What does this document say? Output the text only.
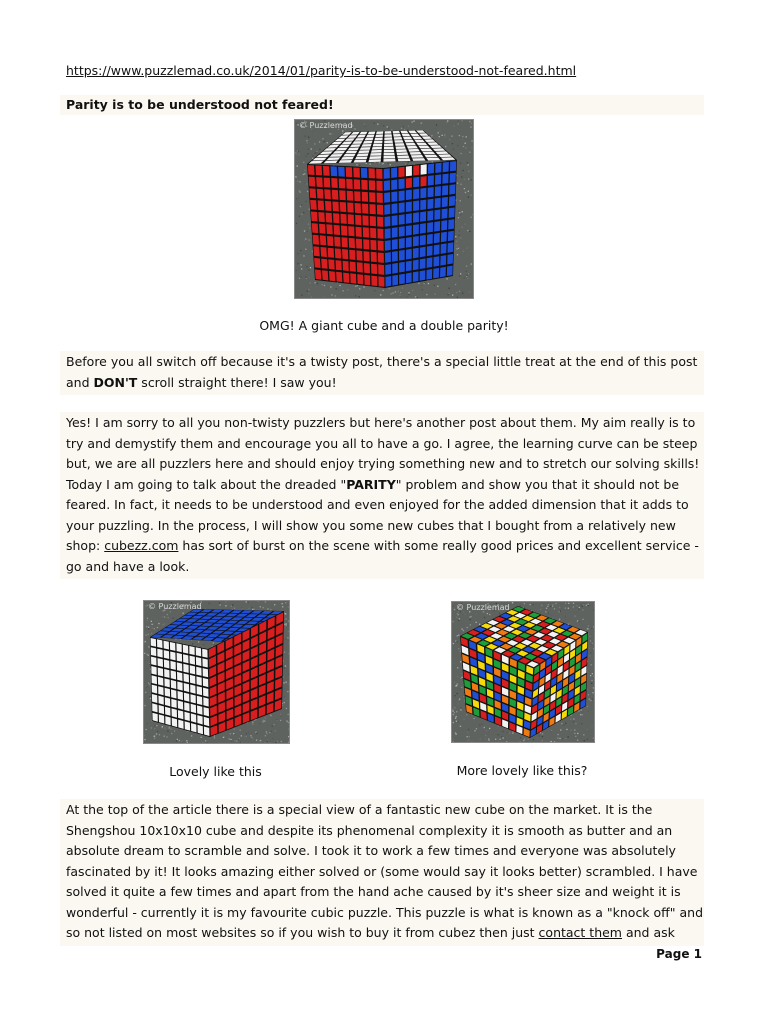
https://www.puzzlemad.co.uk/2014/01/parity-is-to-be-understood-not-feared.html
Parity is to be understood not feared!
© Puzzlemad
OMG! A giant cube and a double parity!
Before you all switch off because it's a twisty post, there's a special little treat at the end of this post
and DON'T scroll straight there! I saw you!
Yes! I am sorry to all you non-twisty puzzlers but here's another post about them. My aim really is to
try and demystify them and encourage you all to have a go. I agree, the learning curve can be steep
but, we are all puzzlers here and should enjoy trying something new and to stretch our solving skills!
Today I am going to talk about the dreaded "PARITY" problem and show you that it should not be
feared. In fact, it needs to be understood and even enjoyed for the added dimension that it adds to
your puzzling. In the process, I will show you some new cubes that I bought from a relatively new
shop: cubezz.com has sort of burst on the scene with some really good prices and excellent service -
go and have a look.
© Puzzlemad
Lovely like this
© Puzzlemad
More lovely like this?
At the top of the article there is a special view of a fantastic new cube on the market. It is the
Shengshou 10x10x10 cube and despite its phenomenal complexity it is smooth as butter and an
absolute dream to scramble and solve. I took it to work a few times and everyone was absolutely
fascinated by it! It looks amazing either solved or (some would say it looks better) scrambled. I have
solved it quite a few times and apart from the hand ache caused by it's sheer size and weight it is
wonderful - currently it is my favourite cubic puzzle. This puzzle is what is known as a "knock off" and
so not listed on most websites so if you wish to buy it from cubez then just contact them and ask
Page 1
